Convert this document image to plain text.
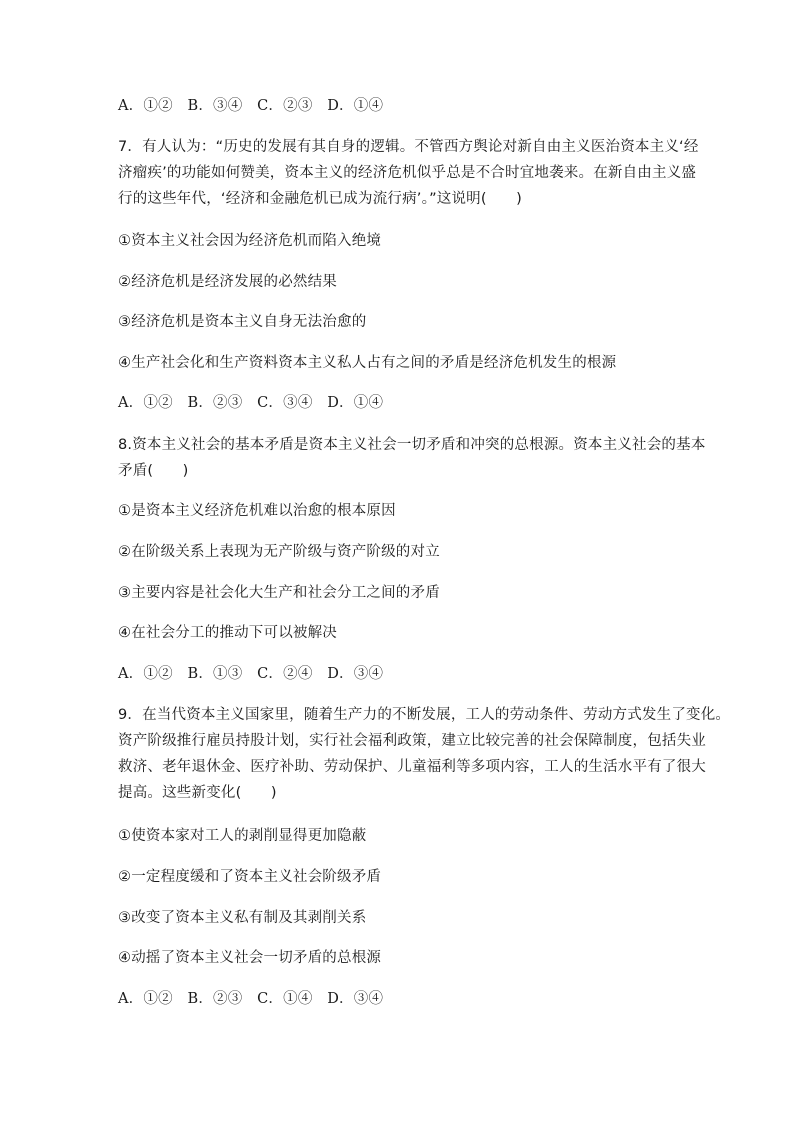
A．①②　B．③④　C．②③　D．①④
7．有人认为：“历史的发展有其自身的逻辑。不管西方舆论对新自由主义医治资本主义‘经
济瘤疾’的功能如何赞美，资本主义的经济危机似乎总是不合时宜地袭来。在新自由主义盛
行的这些年代，‘经济和金融危机已成为流行病’。”这说明(　　)
①资本主义社会因为经济危机而陷入绝境
②经济危机是经济发展的必然结果
③经济危机是资本主义自身无法治愈的
④生产社会化和生产资料资本主义私人占有之间的矛盾是经济危机发生的根源
A．①②　B．②③　C．③④　D．①④
8.资本主义社会的基本矛盾是资本主义社会一切矛盾和冲突的总根源。资本主义社会的基本
矛盾(　　)
①是资本主义经济危机难以治愈的根本原因
②在阶级关系上表现为无产阶级与资产阶级的对立
③主要内容是社会化大生产和社会分工之间的矛盾
④在社会分工的推动下可以被解决
A．①②　B．①③　C．②④　D．③④
9．在当代资本主义国家里，随着生产力的不断发展，工人的劳动条件、劳动方式发生了变化。
资产阶级推行雇员持股计划，实行社会福利政策，建立比较完善的社会保障制度，包括失业
救济、老年退休金、医疗补助、劳动保护、儿童福利等多项内容，工人的生活水平有了很大
提高。这些新变化(　　)
①使资本家对工人的剥削显得更加隐蔽
②一定程度缓和了资本主义社会阶级矛盾
③改变了资本主义私有制及其剥削关系
④动摇了资本主义社会一切矛盾的总根源
A．①②　B．②③　C．①④　D．③④
